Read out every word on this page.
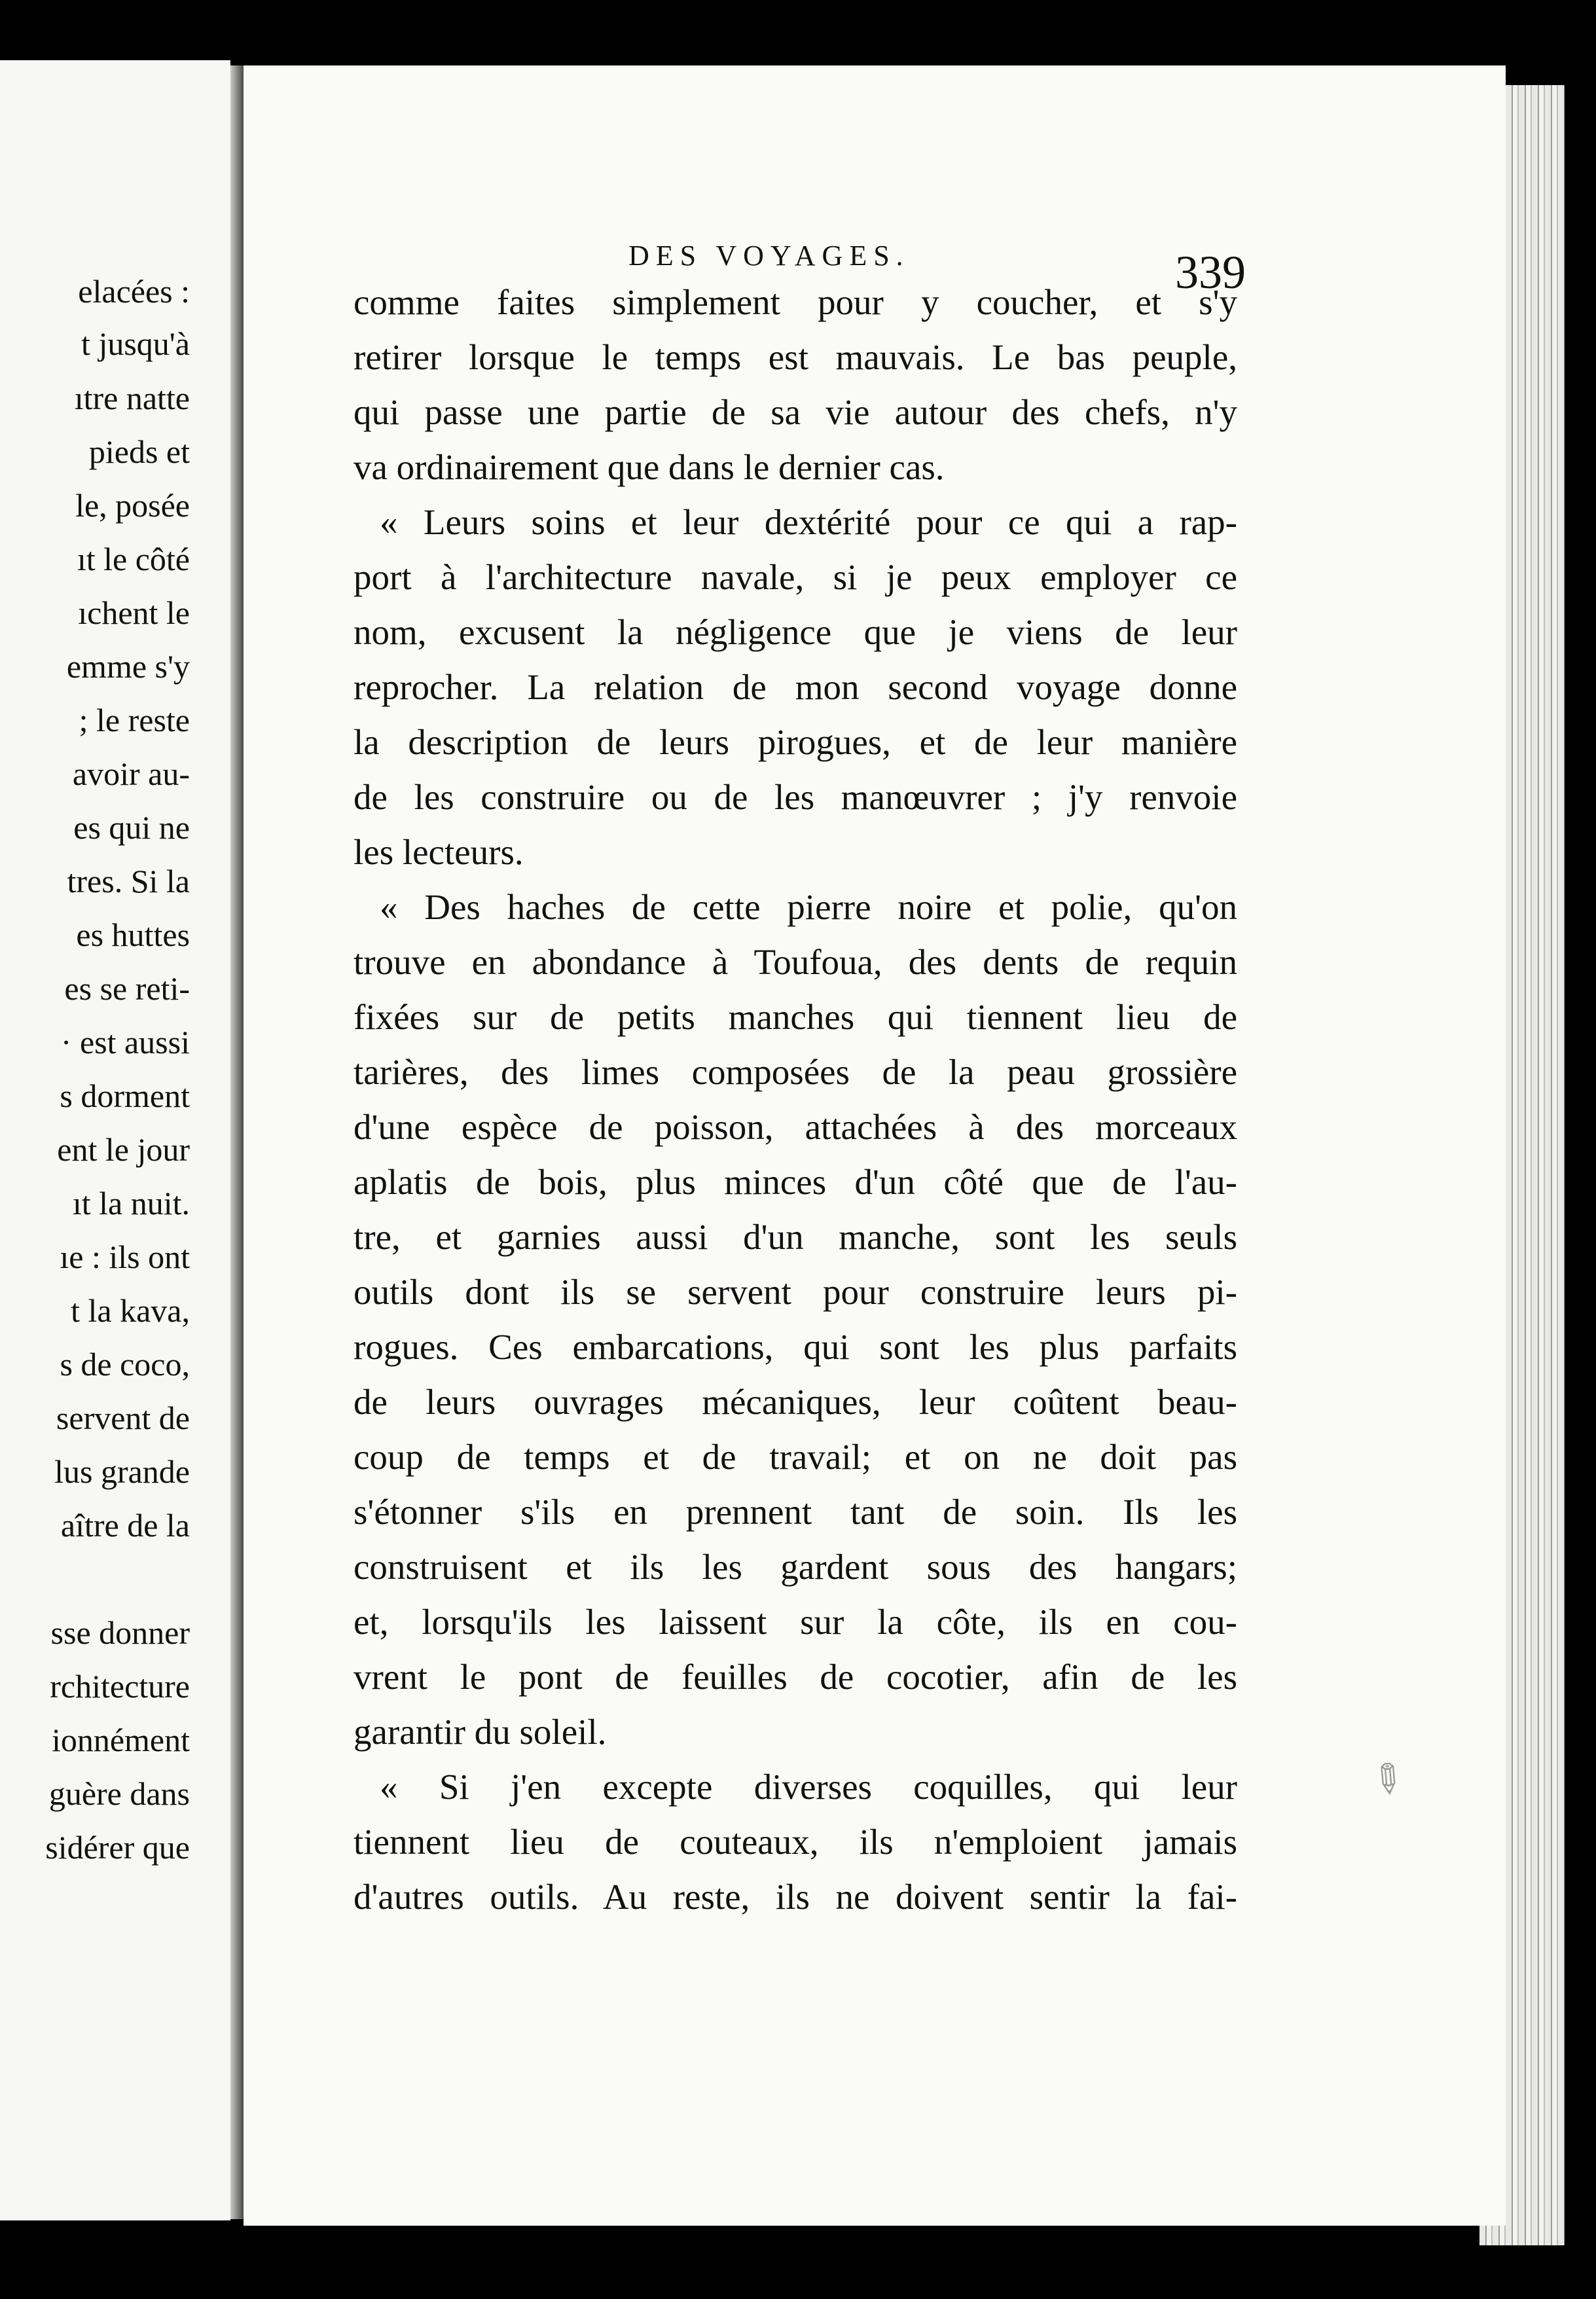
elacées :
t jusqu'à
ıtre natte
pieds et
le, posée
ıt le côté
ıchent le
emme s'y
; le reste
avoir au-
es qui ne
tres. Si la
es huttes
es se reti-
· est aussi
s dorment
ent le jour
ıt la nuit.
ıe : ils ont
t la kava,
s de coco,
servent de
lus grande
aître de la
sse donner
rchitecture
ionnément
guère dans
sidérer que
DES VOYAGES.	339
comme faites simplement pour y coucher, et s'y
retirer lorsque le temps est mauvais. Le bas peuple,
qui passe une partie de sa vie autour des chefs, n'y
va ordinairement que dans le dernier cas.
« Leurs soins et leur dextérité pour ce qui a rap-
port à l'architecture navale, si je peux employer ce
nom, excusent la négligence que je viens de leur
reprocher. La relation de mon second voyage donne
la description de leurs pirogues, et de leur manière
de les construire ou de les manœuvrer ; j'y renvoie
les lecteurs.
« Des haches de cette pierre noire et polie, qu'on
trouve en abondance à Toufoua, des dents de requin
fixées sur de petits manches qui tiennent lieu de
tarières, des limes composées de la peau grossière
d'une espèce de poisson, attachées à des morceaux
aplatis de bois, plus minces d'un côté que de l'au-
tre, et garnies aussi d'un manche, sont les seuls
outils dont ils se servent pour construire leurs pi-
rogues. Ces embarcations, qui sont les plus parfaits
de leurs ouvrages mécaniques, leur coûtent beau-
coup de temps et de travail; et on ne doit pas
s'étonner s'ils en prennent tant de soin. Ils les
construisent et ils les gardent sous des hangars;
et, lorsqu'ils les laissent sur la côte, ils en cou-
vrent le pont de feuilles de cocotier, afin de les
garantir du soleil.
« Si j'en excepte diverses coquilles, qui leur
tiennent lieu de couteaux, ils n'emploient jamais
d'autres outils. Au reste, ils ne doivent sentir la fai-
✎
